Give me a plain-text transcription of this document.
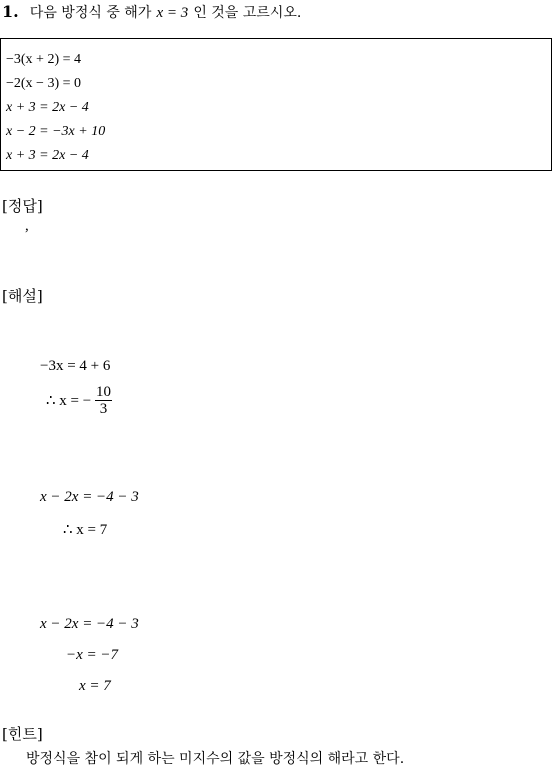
1. 다음 방정식 중 해가 x = 3 인 것을 고르시오.
−3(x + 2) = 4
−2(x − 3) = 0
x + 3 = 2x − 4
x − 2 = −3x + 10
x + 3 = 2x − 4
[정답]
,
[해설]
−3x = 4 + 6
∴ x = − $\frac{10}{3}$
x − 2x = −4 − 3
∴ x = 7
x − 2x = −4 − 3
−x = −7
x = 7
[힌트]
방정식을 참이 되게 하는 미지수의 값을 방정식의 해라고 한다.
